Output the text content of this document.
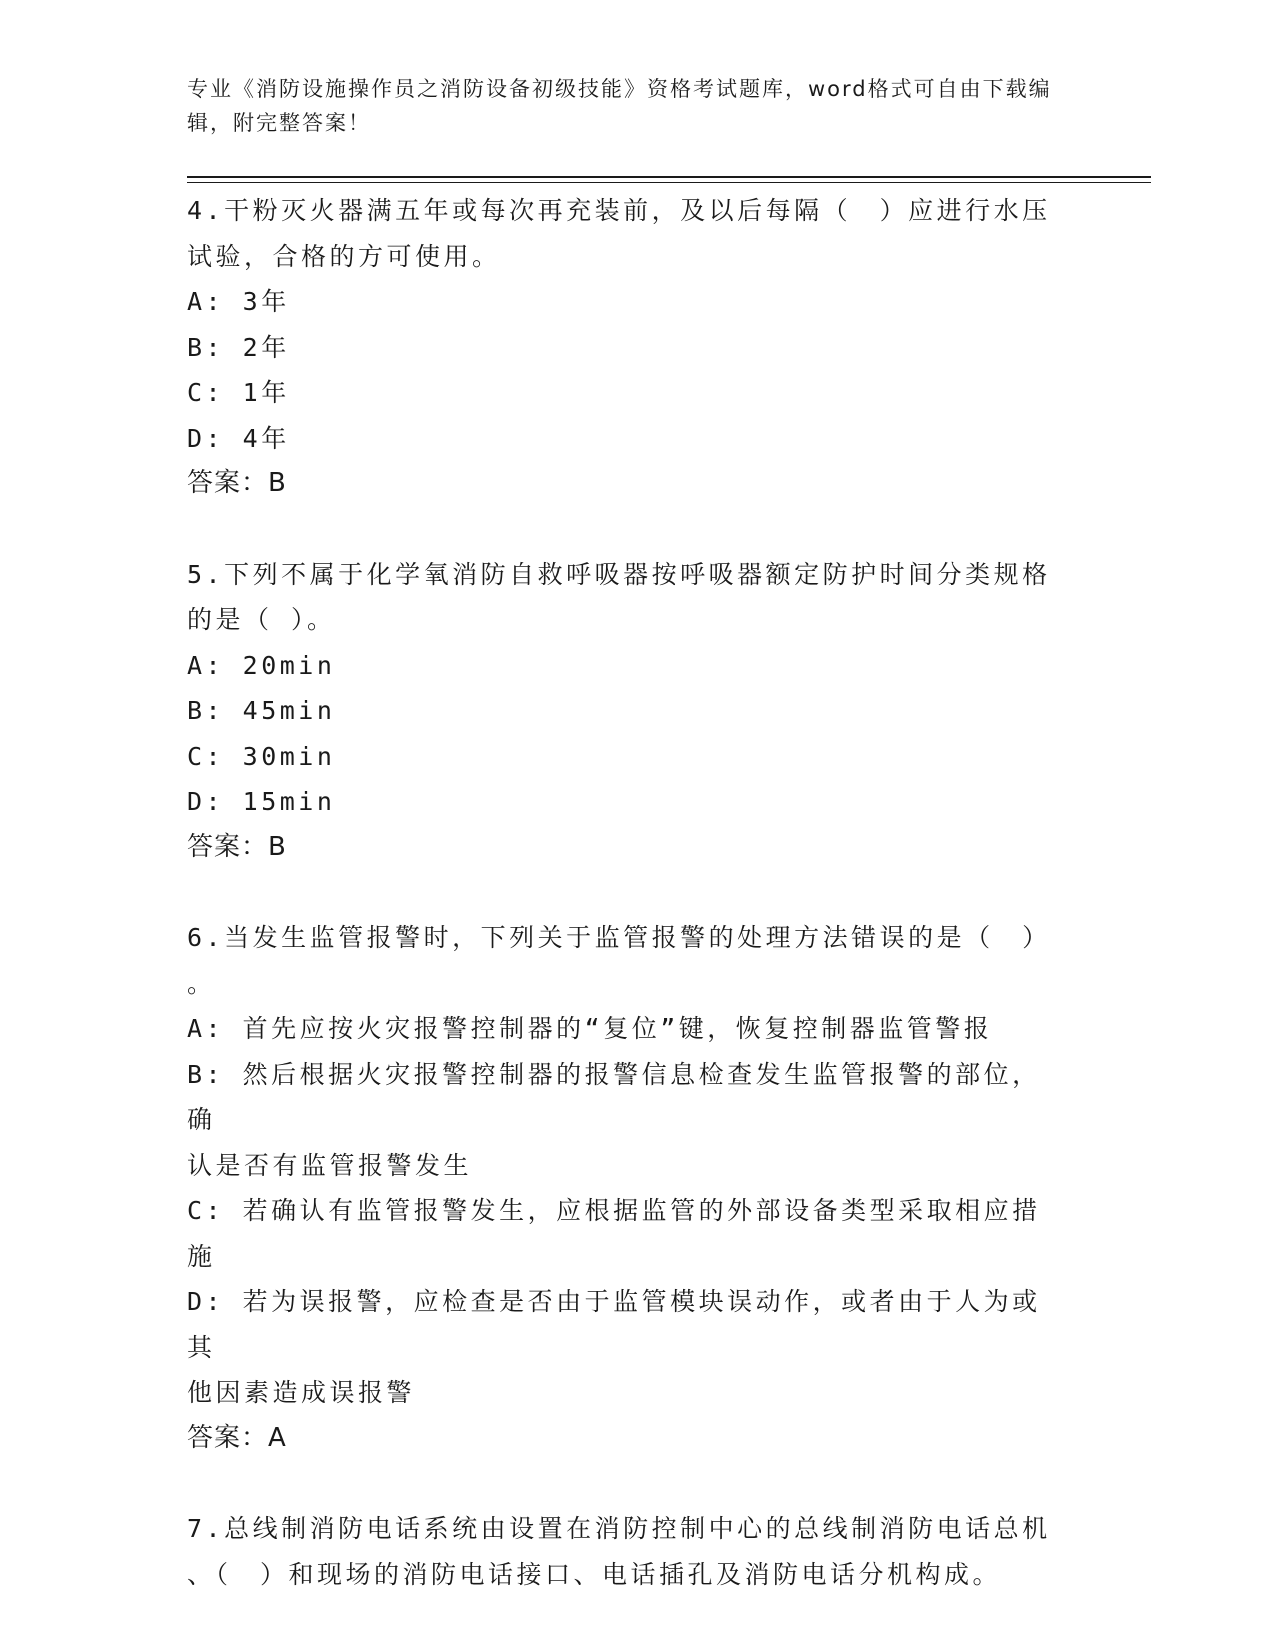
专业《消防设施操作员之消防设备初级技能》资格考试题库，word格式可自由下载编辑，附完整答案！
4.干粉灭火器满五年或每次再充装前，及以后每隔（　）应进行水压
试验，合格的方可使用。
A: 3年
B: 2年
C: 1年
D: 4年
答案：B
5.下列不属于化学氧消防自救呼吸器按呼吸器额定防护时间分类规格
的是（ ）。
A: 20min
B: 45min
C: 30min
D: 15min
答案：B
6.当发生监管报警时，下列关于监管报警的处理方法错误的是（　）
。
A: 首先应按火灾报警控制器的“复位”键，恢复控制器监管警报
B: 然后根据火灾报警控制器的报警信息检查发生监管报警的部位，确
认是否有监管报警发生
C: 若确认有监管报警发生，应根据监管的外部设备类型采取相应措施
D: 若为误报警，应检查是否由于监管模块误动作，或者由于人为或其
他因素造成误报警
答案：A
7.总线制消防电话系统由设置在消防控制中心的总线制消防电话总机
、（　）和现场的消防电话接口、电话插孔及消防电话分机构成。
